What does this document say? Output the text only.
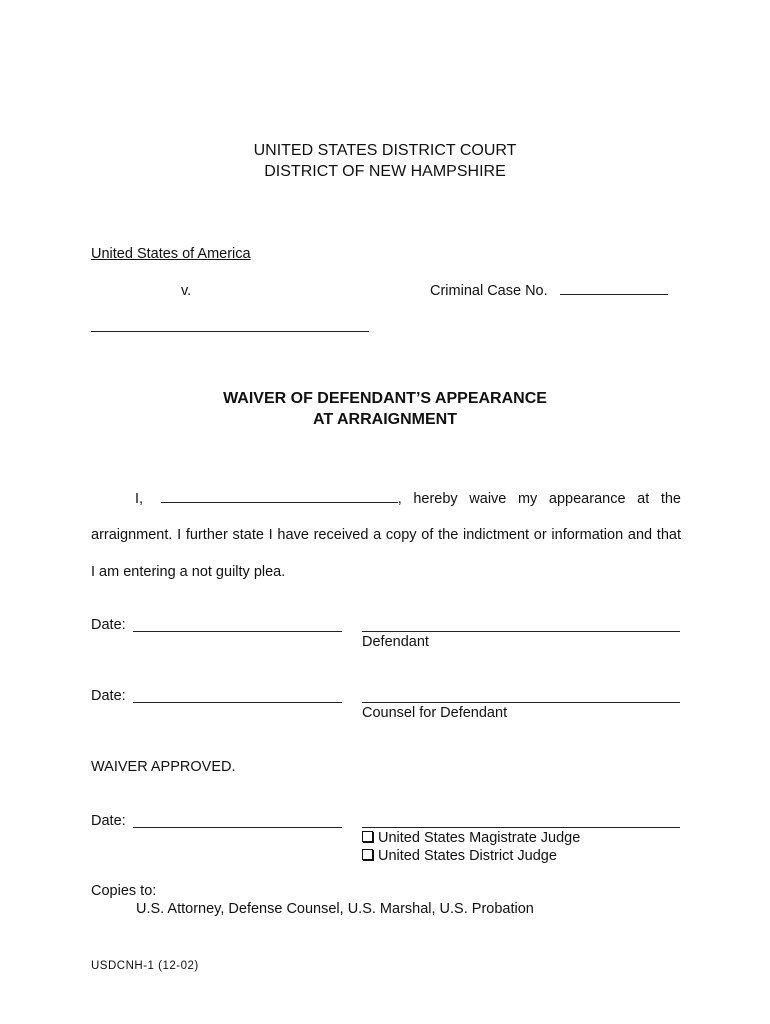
UNITED STATES DISTRICT COURT
DISTRICT OF NEW HAMPSHIRE
United States of America
v.	Criminal Case No.
WAIVER OF DEFENDANT’S APPEARANCE
AT ARRAIGNMENT
I,	, hereby waive my appearance at the
arraignment. I further state I have received a copy of the indictment or information and that
I am entering a not guilty plea.
Date:
Defendant
Date:
Counsel for Defendant
WAIVER APPROVED.
Date:
United States Magistrate Judge
United States District Judge
Copies to:
U.S. Attorney, Defense Counsel, U.S. Marshal, U.S. Probation
USDCNH-1 (12-02)
